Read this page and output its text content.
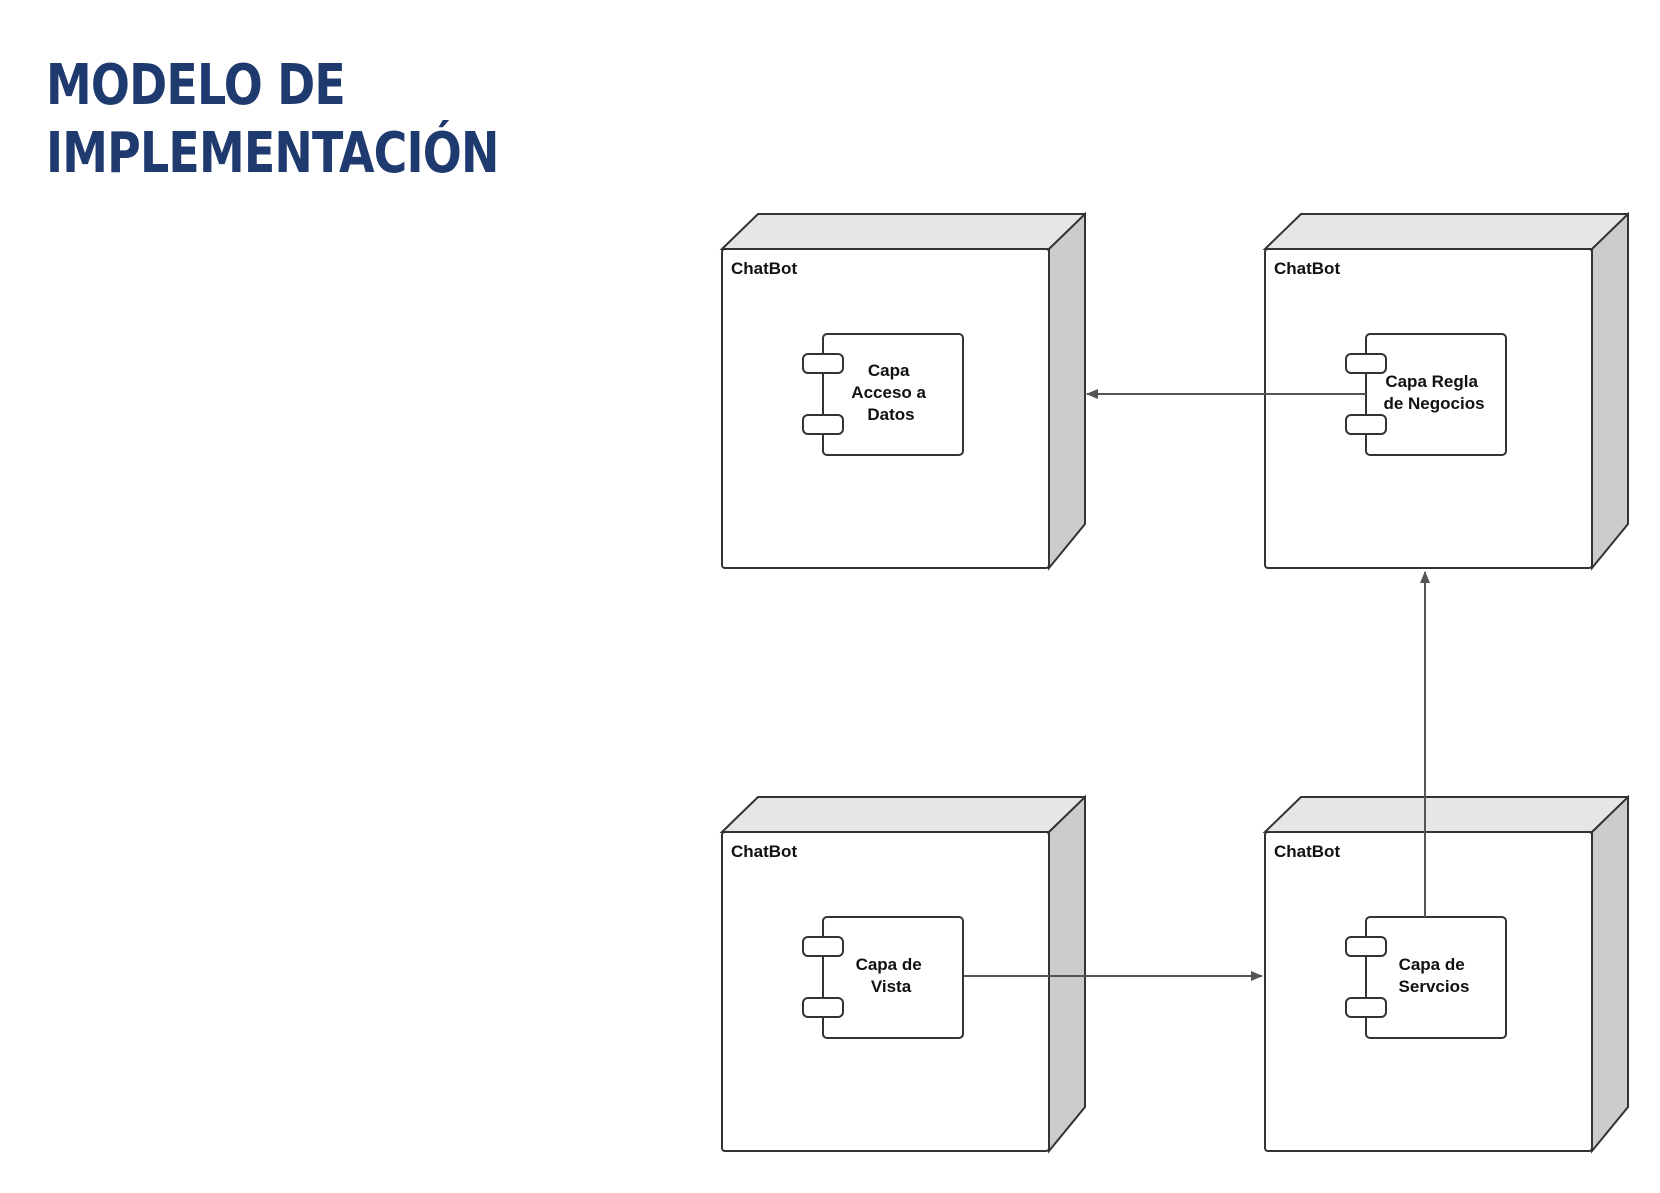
MODELO DE
IMPLEMENTACIÓN
ChatBot
Capa Acceso a Datos
ChatBot
Capa Regla de Negocios
ChatBot
Capa de Vista
ChatBot
Capa de Servcios
